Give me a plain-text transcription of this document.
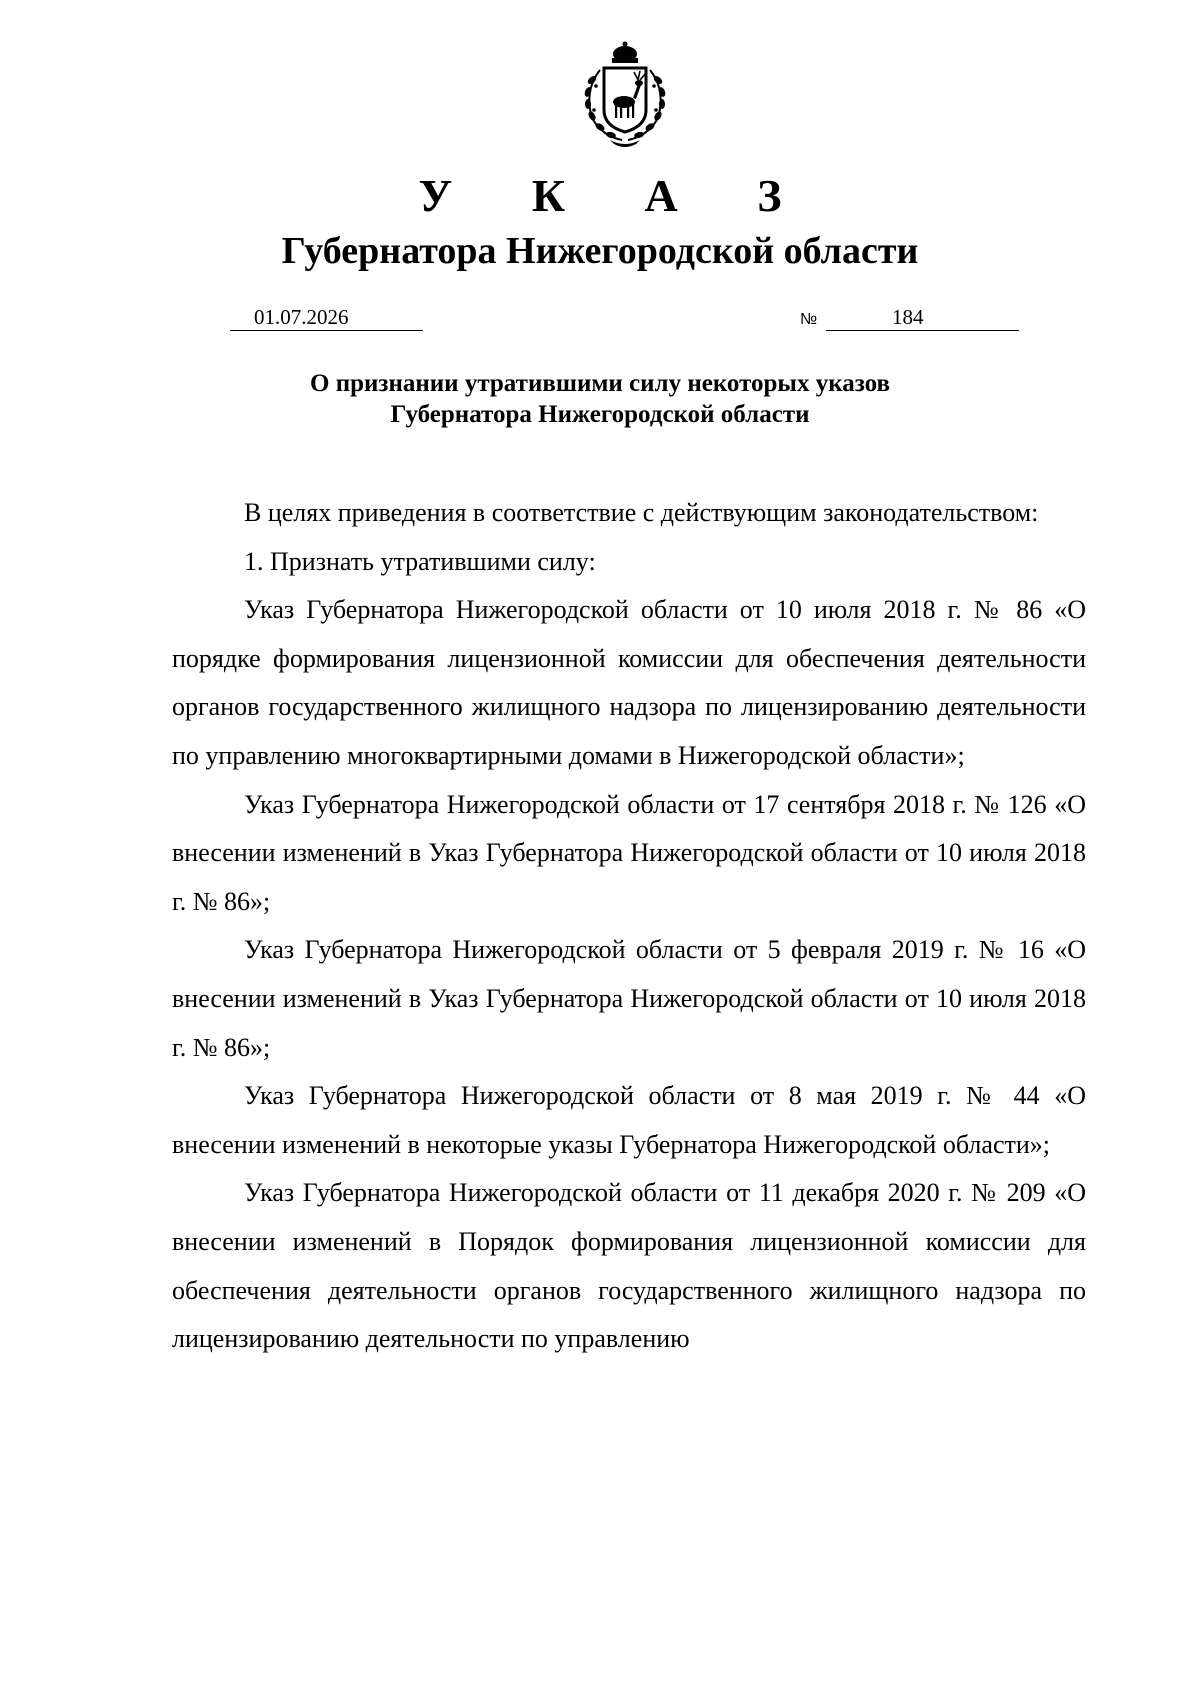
У К А З
Губернатора Нижегородской области
01.07.2026	№	184
О признании утратившими силу некоторых указов
Губернатора Нижегородской области

В целях приведения в соответствие с действующим законодательством:

1. Признать утратившими силу:

Указ Губернатора Нижегородской области от 10 июля 2018 г. № 86 «О порядке формирования лицензионной комиссии для обеспечения деятельности органов государственного жилищного надзора по лицензированию деятельности по управлению многоквартирными домами в Нижегородской области»;

Указ Губернатора Нижегородской области от 17 сентября 2018 г. № 126 «О внесении изменений в Указ Губернатора Нижегородской области от 10 июля 2018 г. № 86»;

Указ Губернатора Нижегородской области от 5 февраля 2019 г. № 16 «О внесении изменений в Указ Губернатора Нижегородской области от 10 июля 2018 г. № 86»;

Указ Губернатора Нижегородской области от 8 мая 2019 г. № 44 «О внесении изменений в некоторые указы Губернатора Нижегородской области»;

Указ Губернатора Нижегородской области от 11 декабря 2020 г. № 209 «О внесении изменений в Порядок формирования лицензионной комиссии для обеспечения деятельности органов государственного жилищного надзора по лицензированию деятельности по управлению
